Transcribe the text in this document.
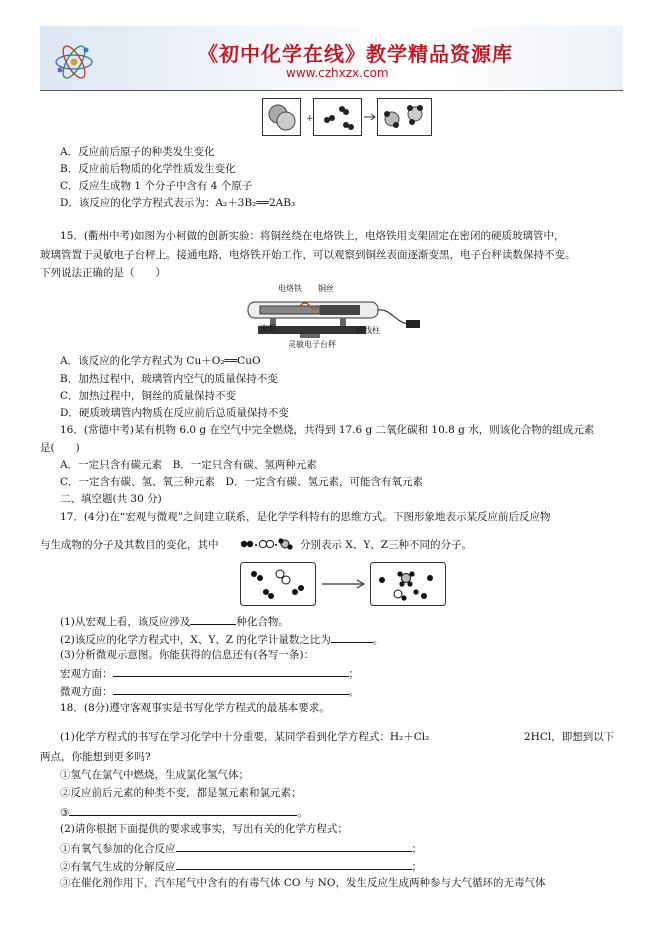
《初中化学在线》教学精品资源库
www.czhxzx.com
+
A．反应前后原子的种类发生变化
B．反应前后物质的化学性质发生变化
C．反应生成物 1 个分子中含有 4 个原子
D．该反应的化学方程式表示为：A₂＋3B₂══2AB₃
15．(衢州中考)如图为小柯做的创新实验：将铜丝绕在电烙铁上，电烙铁用支架固定在密闭的硬质玻璃管中，
玻璃管置于灵敏电子台秤上。接通电路，电烙铁开始工作，可以观察到铜丝表面逐渐变黑，电子台秤读数保持不变。
下列说法正确的是（　　）
电烙铁 铜丝
支架	接线柱
灵敏电子台秤
A．该反应的化学方程式为 Cu＋O₂══CuO
B．加热过程中，玻璃管内空气的质量保持不变
C．加热过程中，铜丝的质量保持不变
D．硬质玻璃管内物质在反应前后总质量保持不变
16．(常德中考)某有机物 6.0 g 在空气中完全燃烧，共得到 17.6 g 二氧化碳和 10.8 g 水，则该化合物的组成元素
是(　　)
A．一定只含有碳元素　B．一定只含有碳、氢两种元素
C．一定含有碳、氢、氧三种元素　D．一定含有碳、氢元素，可能含有氧元素
二、填空题(共 30 分)
17．(4分)在“宏观与微观”之间建立联系，是化学学科特有的思维方式。下图形象地表示某反应前后反应物
与生成物的分子及其数目的变化，其中	分别表示 X、Y、Z三种不同的分子。
(1)从宏观上看，该反应涉及	种化合物。
(2)该反应的化学方程式中，X、Y、Z 的化学计量数之比为	。
(3)分析微观示意图。你能获得的信息还有(各写一条)：
宏观方面：	；
微观方面：	。
18．(8分)遵守客观事实是书写化学方程式的最基本要求。
(1)化学方程式的书写在学习化学中十分重要，某同学看到化学方程式：H₂＋Cl₂	2HCl，即想到以下
两点，你能想到更多吗?
①氢气在氯气中燃烧，生成氯化氢气体；
②反应前后元素的种类不变，都是氢元素和氯元素；
③	。
(2)请你根据下面提供的要求或事实，写出有关的化学方程式；
①有氧气参加的化合反应	；
②有氧气生成的分解反应	；
③在催化剂作用下，汽车尾气中含有的有毒气体 CO 与 NO，发生反应生成两种参与大气循环的无毒气体
